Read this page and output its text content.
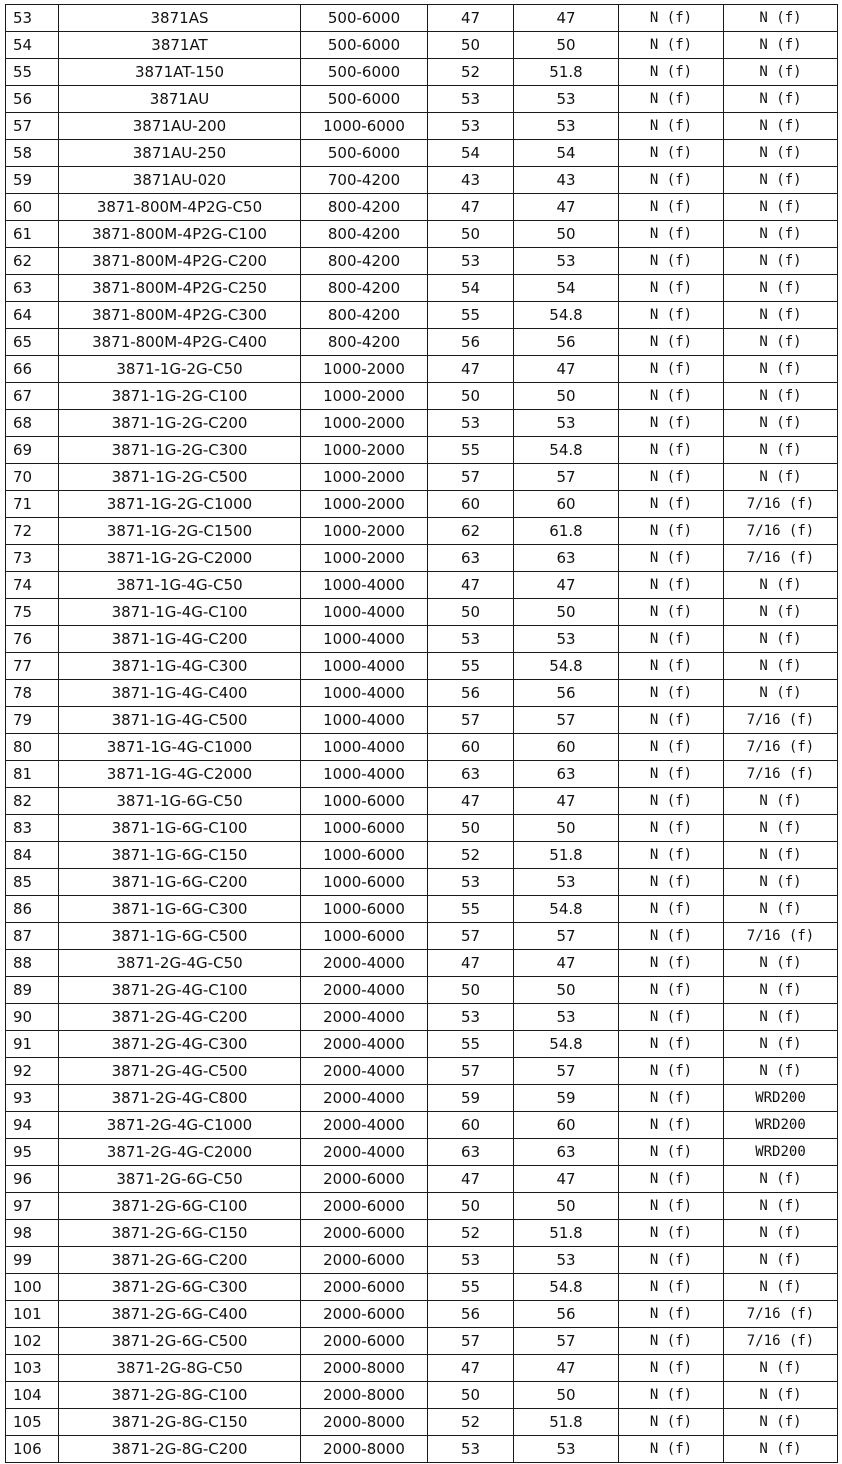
53	3871AS	500-6000	47	47	N (f)	N (f)
54	3871AT	500-6000	50	50	N (f)	N (f)
55	3871AT-150	500-6000	52	51.8	N (f)	N (f)
56	3871AU	500-6000	53	53	N (f)	N (f)
57	3871AU-200	1000-6000	53	53	N (f)	N (f)
58	3871AU-250	500-6000	54	54	N (f)	N (f)
59	3871AU-020	700-4200	43	43	N (f)	N (f)
60	3871-800M-4P2G-C50	800-4200	47	47	N (f)	N (f)
61	3871-800M-4P2G-C100	800-4200	50	50	N (f)	N (f)
62	3871-800M-4P2G-C200	800-4200	53	53	N (f)	N (f)
63	3871-800M-4P2G-C250	800-4200	54	54	N (f)	N (f)
64	3871-800M-4P2G-C300	800-4200	55	54.8	N (f)	N (f)
65	3871-800M-4P2G-C400	800-4200	56	56	N (f)	N (f)
66	3871-1G-2G-C50	1000-2000	47	47	N (f)	N (f)
67	3871-1G-2G-C100	1000-2000	50	50	N (f)	N (f)
68	3871-1G-2G-C200	1000-2000	53	53	N (f)	N (f)
69	3871-1G-2G-C300	1000-2000	55	54.8	N (f)	N (f)
70	3871-1G-2G-C500	1000-2000	57	57	N (f)	N (f)
71	3871-1G-2G-C1000	1000-2000	60	60	N (f)	7/16 (f)
72	3871-1G-2G-C1500	1000-2000	62	61.8	N (f)	7/16 (f)
73	3871-1G-2G-C2000	1000-2000	63	63	N (f)	7/16 (f)
74	3871-1G-4G-C50	1000-4000	47	47	N (f)	N (f)
75	3871-1G-4G-C100	1000-4000	50	50	N (f)	N (f)
76	3871-1G-4G-C200	1000-4000	53	53	N (f)	N (f)
77	3871-1G-4G-C300	1000-4000	55	54.8	N (f)	N (f)
78	3871-1G-4G-C400	1000-4000	56	56	N (f)	N (f)
79	3871-1G-4G-C500	1000-4000	57	57	N (f)	7/16 (f)
80	3871-1G-4G-C1000	1000-4000	60	60	N (f)	7/16 (f)
81	3871-1G-4G-C2000	1000-4000	63	63	N (f)	7/16 (f)
82	3871-1G-6G-C50	1000-6000	47	47	N (f)	N (f)
83	3871-1G-6G-C100	1000-6000	50	50	N (f)	N (f)
84	3871-1G-6G-C150	1000-6000	52	51.8	N (f)	N (f)
85	3871-1G-6G-C200	1000-6000	53	53	N (f)	N (f)
86	3871-1G-6G-C300	1000-6000	55	54.8	N (f)	N (f)
87	3871-1G-6G-C500	1000-6000	57	57	N (f)	7/16 (f)
88	3871-2G-4G-C50	2000-4000	47	47	N (f)	N (f)
89	3871-2G-4G-C100	2000-4000	50	50	N (f)	N (f)
90	3871-2G-4G-C200	2000-4000	53	53	N (f)	N (f)
91	3871-2G-4G-C300	2000-4000	55	54.8	N (f)	N (f)
92	3871-2G-4G-C500	2000-4000	57	57	N (f)	N (f)
93	3871-2G-4G-C800	2000-4000	59	59	N (f)	WRD200
94	3871-2G-4G-C1000	2000-4000	60	60	N (f)	WRD200
95	3871-2G-4G-C2000	2000-4000	63	63	N (f)	WRD200
96	3871-2G-6G-C50	2000-6000	47	47	N (f)	N (f)
97	3871-2G-6G-C100	2000-6000	50	50	N (f)	N (f)
98	3871-2G-6G-C150	2000-6000	52	51.8	N (f)	N (f)
99	3871-2G-6G-C200	2000-6000	53	53	N (f)	N (f)
100	3871-2G-6G-C300	2000-6000	55	54.8	N (f)	N (f)
101	3871-2G-6G-C400	2000-6000	56	56	N (f)	7/16 (f)
102	3871-2G-6G-C500	2000-6000	57	57	N (f)	7/16 (f)
103	3871-2G-8G-C50	2000-8000	47	47	N (f)	N (f)
104	3871-2G-8G-C100	2000-8000	50	50	N (f)	N (f)
105	3871-2G-8G-C150	2000-8000	52	51.8	N (f)	N (f)
106	3871-2G-8G-C200	2000-8000	53	53	N (f)	N (f)
